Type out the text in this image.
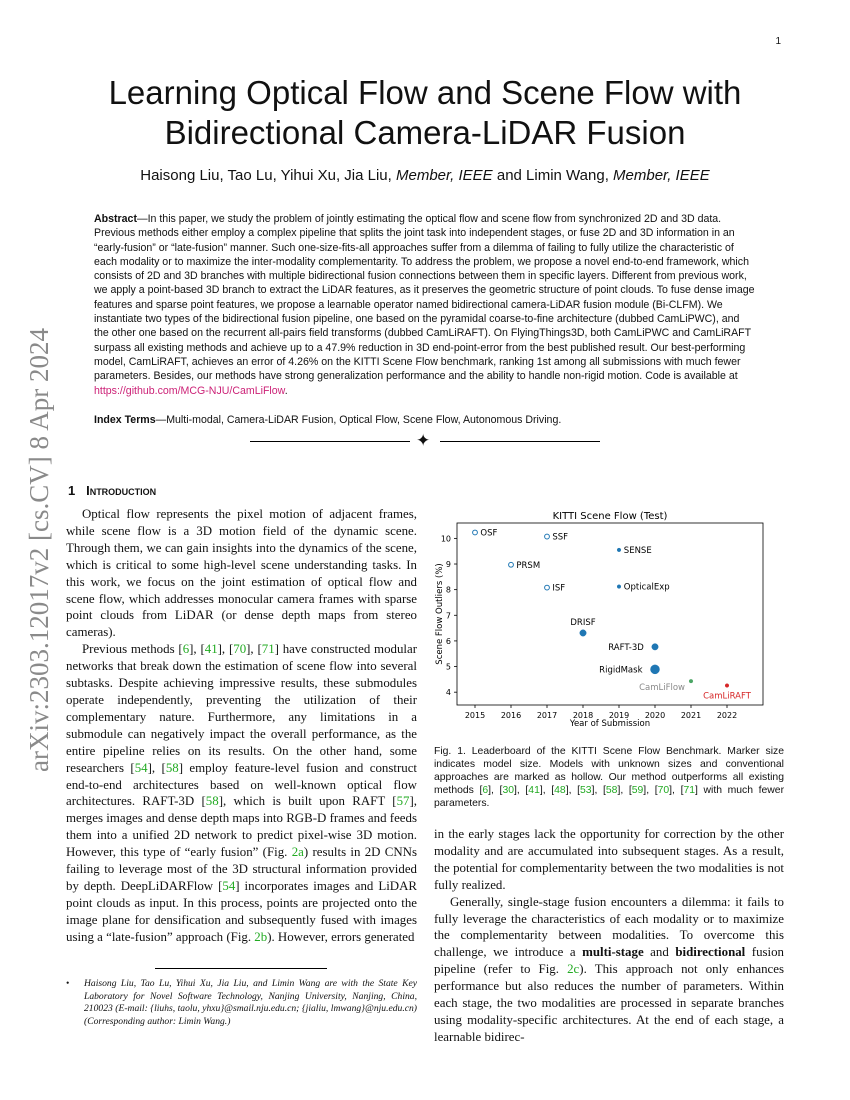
1
arXiv:2303.12017v2 [cs.CV] 8 Apr 2024
Learning Optical Flow and Scene Flow with
Bidirectional Camera-LiDAR Fusion
Haisong Liu, Tao Lu, Yihui Xu, Jia Liu, Member, IEEE and Limin Wang, Member, IEEE
Abstract—In this paper, we study the problem of jointly estimating the optical flow and scene flow from synchronized 2D and 3D data. Previous methods either employ a complex pipeline that splits the joint task into independent stages, or fuse 2D and 3D information in an “early-fusion” or “late-fusion” manner. Such one-size-fits-all approaches suffer from a dilemma of failing to fully utilize the characteristic of each modality or to maximize the inter-modality complementarity. To address the problem, we propose a novel end-to-end framework, which consists of 2D and 3D branches with multiple bidirectional fusion connections between them in specific layers. Different from previous work, we apply a point-based 3D branch to extract the LiDAR features, as it preserves the geometric structure of point clouds. To fuse dense image features and sparse point features, we propose a learnable operator named bidirectional camera-LiDAR fusion module (Bi-CLFM). We instantiate two types of the bidirectional fusion pipeline, one based on the pyramidal coarse-to-fine architecture (dubbed CamLiPWC), and the other one based on the recurrent all-pairs field transforms (dubbed CamLiRAFT). On FlyingThings3D, both CamLiPWC and CamLiRAFT surpass all existing methods and achieve up to a 47.9% reduction in 3D end-point-error from the best published result. Our best-performing model, CamLiRAFT, achieves an error of 4.26% on the KITTI Scene Flow benchmark, ranking 1st among all submissions with much fewer parameters. Besides, our methods have strong generalization performance and the ability to handle non-rigid motion. Code is available at https://github.com/MCG-NJU/CamLiFlow.
Index Terms—Multi-modal, Camera-LiDAR Fusion, Optical Flow, Scene Flow, Autonomous Driving.
✦
1 Introduction

Optical flow represents the pixel motion of adjacent frames, while scene flow is a 3D motion field of the dynamic scene. Through them, we can gain insights into the dynamics of the scene, which is critical to some high-level scene understanding tasks. In this work, we focus on the joint estimation of optical flow and scene flow, which addresses monocular camera frames with sparse point clouds from LiDAR (or dense depth maps from stereo cameras).

Previous methods [6], [41], [70], [71] have constructed modular networks that break down the estimation of scene flow into several subtasks. Despite achieving impressive results, these submodules operate independently, preventing the utilization of their complementary nature. Furthermore, any limitations in a submodule can negatively impact the overall performance, as the entire pipeline relies on its results. On the other hand, some researchers [54], [58] employ feature-level fusion and construct end-to-end architectures based on well-known optical flow architectures. RAFT-3D [58], which is built upon RAFT [57], merges images and dense depth maps into RGB-D frames and feeds them into a unified 2D network to predict pixel-wise 3D motion. However, this type of “early fusion” (Fig. 2a) results in 2D CNNs failing to leverage most of the 3D structural information provided by depth. DeepLiDARFlow [54] incorporates images and LiDAR point clouds as input. In this process, points are projected onto the image plane for densification and subsequently fused with images using a “late-fusion” approach (Fig. 2b). However, errors generated

• Haisong Liu, Tao Lu, Yihui Xu, Jia Liu, and Limin Wang are with the State Key Laboratory for Novel Software Technology, Nanjing University, Nanjing, China, 210023 (E-mail: {liuhs, taolu, yhxu}@smail.nju.edu.cn; {jialiu, lmwang}@nju.edu.cn) (Corresponding author: Limin Wang.)
KITTI Scene Flow (Test)
2015 2016 2017 2018 2019 2020 2021 2022
4
5
6
7
8
9
10
OSF	SSF
PRSM
ISF
SENSE
OpticalExp
DRISF
RAFT-3D
RigidMask
CamLiFlow
CamLiRAFT
Year of Submission
Scene Flow Outliers (%)
Fig. 1. Leaderboard of the KITTI Scene Flow Benchmark. Marker size indicates model size. Models with unknown sizes and conventional approaches are marked as hollow. Our method outperforms all existing methods [6], [30], [41], [48], [53], [58], [59], [70], [71] with much fewer parameters.

in the early stages lack the opportunity for correction by the other modality and are accumulated into subsequent stages. As a result, the potential for complementarity between the two modalities is not fully realized.

Generally, single-stage fusion encounters a dilemma: it fails to fully leverage the characteristics of each modality or to maximize the complementarity between modalities. To overcome this challenge, we introduce a multi-stage and bidirectional fusion pipeline (refer to Fig. 2c). This approach not only enhances performance but also reduces the number of parameters. Within each stage, the two modalities are processed in separate branches using modality-specific architectures. At the end of each stage, a learnable bidirec-
